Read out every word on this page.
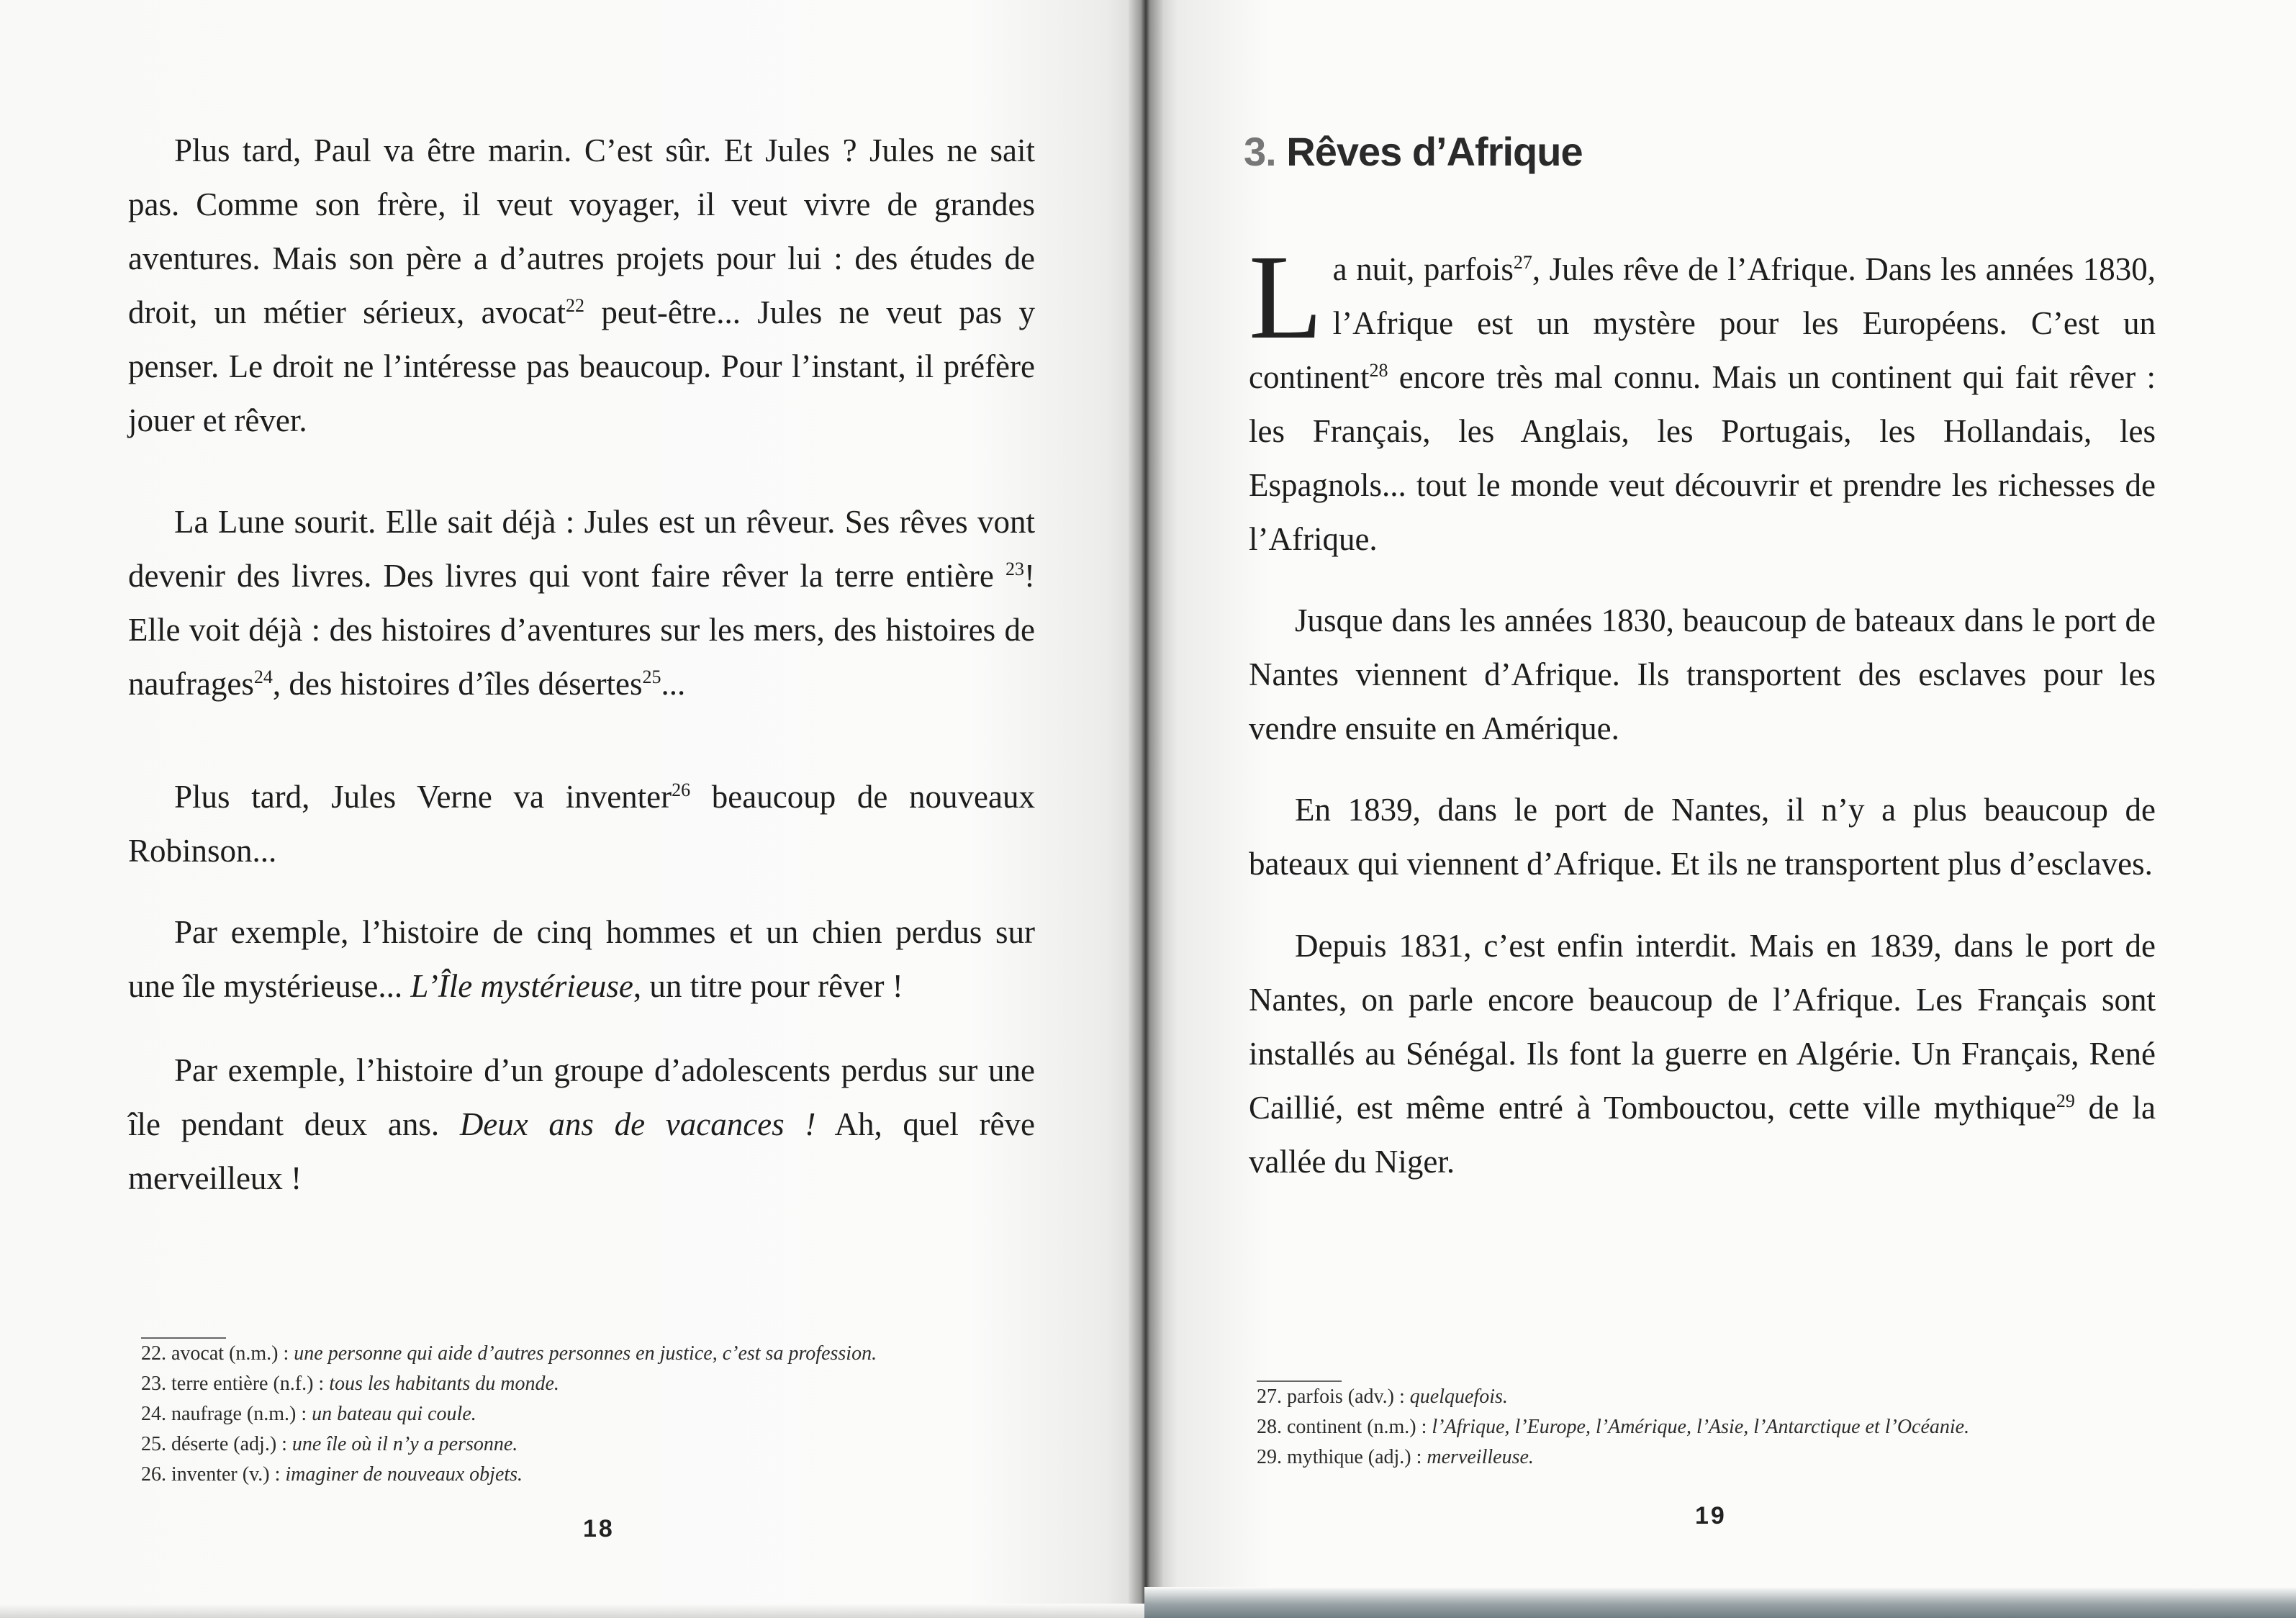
Plus tard, Paul va être marin. C’est sûr. Et Jules ? Jules ne sait pas. Comme son frère, il veut voyager, il veut vivre de grandes aventures. Mais son père a d’autres projets pour lui : des études de droit, un métier sérieux, avocat$^{22}$ peut-être... Jules ne veut pas y penser. Le droit ne l’intéresse pas beaucoup. Pour l’instant, il préfère jouer et rêver.

La Lune sourit. Elle sait déjà : Jules est un rêveur. Ses rêves vont devenir des livres. Des livres qui vont faire rêver la terre entière $^{23}$! Elle voit déjà : des histoires d’aventures sur les mers, des histoires de naufrages$^{24}$, des histoires d’îles désertes$^{25}$...

Plus tard, Jules Verne va inventer$^{26}$ beaucoup de nouveaux Robinson...

Par exemple, l’histoire de cinq hommes et un chien perdus sur une île mystérieuse... L’Île mystérieuse, un titre pour rêver !

Par exemple, l’histoire d’un groupe d’adolescents perdus sur une île pendant deux ans. Deux ans de vacances ! Ah, quel rêve merveilleux !

22. avocat (n.m.) : une personne qui aide d’autres personnes en justice, c’est sa profession.
23. terre entière (n.f.) : tous les habitants du monde.
24. naufrage (n.m.) : un bateau qui coule.
25. déserte (adj.) : une île où il n’y a personne.
26. inventer (v.) : imaginer de nouveaux objets.
18
3. Rêves d’Afrique

L a nuit, parfois$^{27}$, Jules rêve de l’Afrique. Dans les années 1830, l’Afrique est un mystère pour les Européens. C’est un continent$^{28}$ encore très mal connu. Mais un continent qui fait rêver : les Français, les Anglais, les Portugais, les Hollandais, les Espagnols... tout le monde veut découvrir et prendre les richesses de l’Afrique.

Jusque dans les années 1830, beaucoup de bateaux dans le port de Nantes viennent d’Afrique. Ils transportent des esclaves pour les vendre ensuite en Amérique.

En 1839, dans le port de Nantes, il n’y a plus beaucoup de bateaux qui viennent d’Afrique. Et ils ne transportent plus d’esclaves.

Depuis 1831, c’est enfin interdit. Mais en 1839, dans le port de Nantes, on parle encore beaucoup de l’Afrique. Les Français sont installés au Sénégal. Ils font la guerre en Algérie. Un Français, René Caillié, est même entré à Tombouctou, cette ville mythique$^{29}$ de la vallée du Niger.

27. parfois (adv.) : quelquefois.
28. continent (n.m.) : l’Afrique, l’Europe, l’Amérique, l’Asie, l’Antarctique et l’Océanie.
29. mythique (adj.) : merveilleuse.
19
